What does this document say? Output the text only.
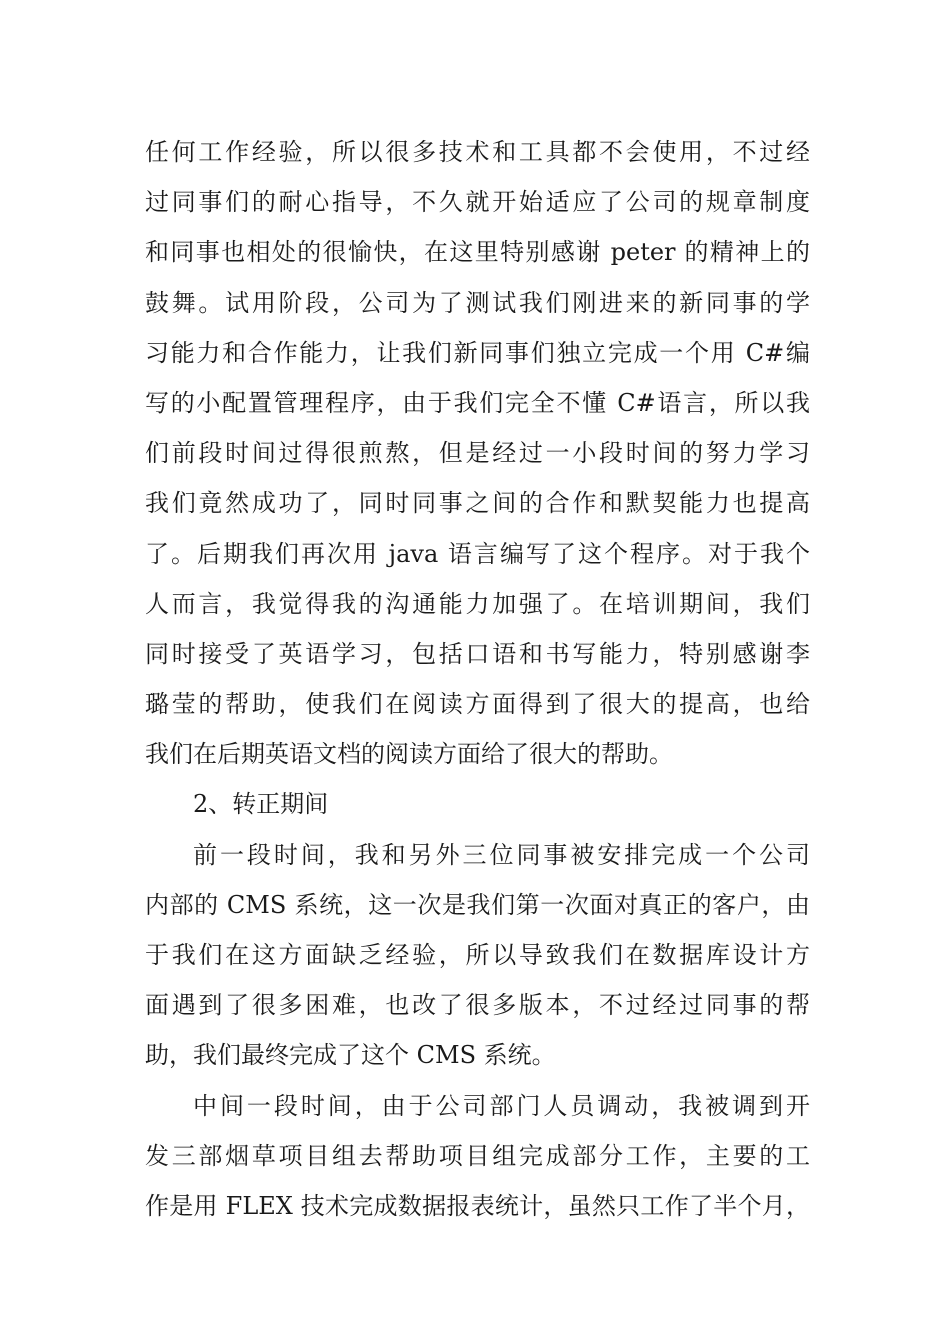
任何工作经验，所以很多技术和工具都不会使用，不过经
过同事们的耐心指导，不久就开始适应了公司的规章制度
和同事也相处的很愉快，在这里特别感谢 peter 的精神上的
鼓舞。试用阶段，公司为了测试我们刚进来的新同事的学
习能力和合作能力，让我们新同事们独立完成一个用 C#编
写的小配置管理程序，由于我们完全不懂 C#语言，所以我
们前段时间过得很煎熬，但是经过一小段时间的努力学习
我们竟然成功了，同时同事之间的合作和默契能力也提高
了。后期我们再次用 java 语言编写了这个程序。对于我个
人而言，我觉得我的沟通能力加强了。在培训期间，我们
同时接受了英语学习，包括口语和书写能力，特别感谢李
璐莹的帮助，使我们在阅读方面得到了很大的提高，也给
我们在后期英语文档的阅读方面给了很大的帮助。
2、转正期间
前一段时间，我和另外三位同事被安排完成一个公司
内部的 CMS 系统，这一次是我们第一次面对真正的客户，由
于我们在这方面缺乏经验，所以导致我们在数据库设计方
面遇到了很多困难，也改了很多版本，不过经过同事的帮
助，我们最终完成了这个 CMS 系统。
中间一段时间，由于公司部门人员调动，我被调到开
发三部烟草项目组去帮助项目组完成部分工作，主要的工
作是用 FLEX 技术完成数据报表统计，虽然只工作了半个月，
